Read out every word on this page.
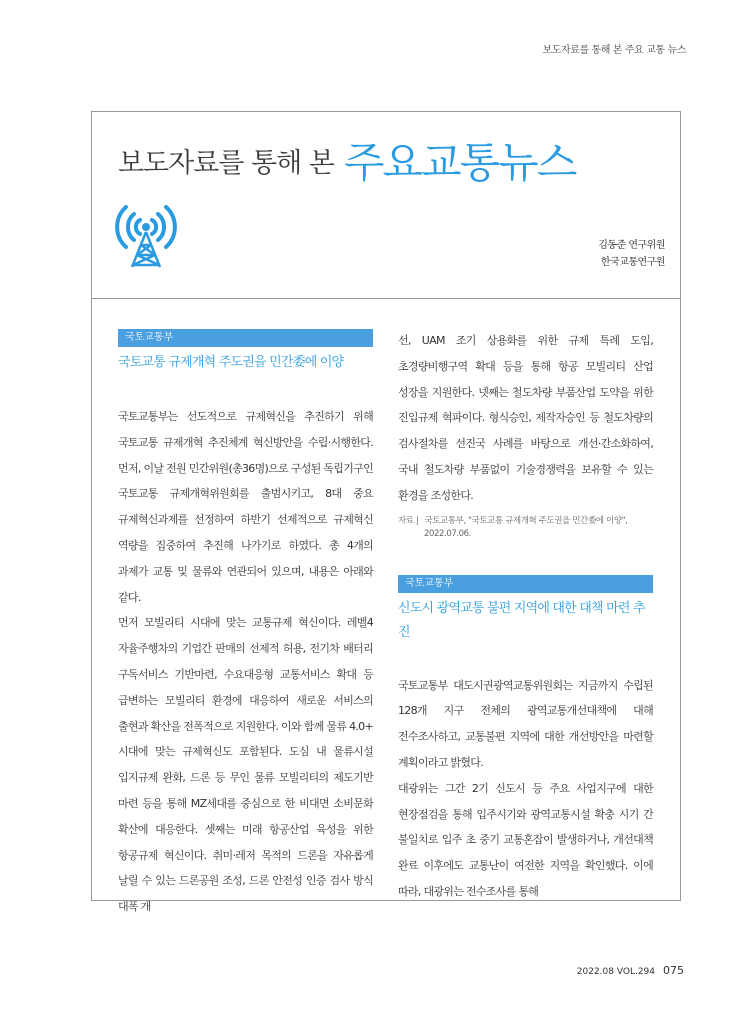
보도자료를 통해 본 주요 교통 뉴스
보도자료를 통해 본 주요교통뉴스
김동준 연구위원
한국교통연구원
국토교통부
국토교통 규제개혁 주도권을 민간委에 이양

국토교통부는 선도적으로 규제혁신을 추진하기 위해 국토교통 규제개혁 추진체계 혁신방안을 수립·시행한다. 먼저, 이날 전원 민간위원(총36명)으로 구성된 독립기구인 국토교통 규제개혁위원회를 출범시키고, 8대 중요 규제혁신과제를 선정하여 하반기 선제적으로 규제혁신 역량을 집중하여 추진해 나가기로 하였다. 총 4개의 과제가 교통 및 물류와 연관되어 있으며, 내용은 아래와 같다.

먼저 모빌리티 시대에 맞는 교통규제 혁신이다. 레벨4 자율주행차의 기업간 판매의 선제적 허용, 전기차 배터리 구독서비스 기반마련, 수요대응형 교통서비스 확대 등 급변하는 모빌리티 환경에 대응하여 새로운 서비스의 출현과 확산을 전폭적으로 지원한다. 이와 함께 물류 4.0+ 시대에 맞는 규제혁신도 포함된다. 도심 내 물류시설 입지규제 완화, 드론 등 무인 물류 모빌리티의 제도기반 마련 등을 통해 MZ세대를 중심으로 한 비대면 소비문화 확산에 대응한다. 셋째는 미래 항공산업 육성을 위한 항공규제 혁신이다. 취미·레저 목적의 드론을 자유롭게 날릴 수 있는 드론공원 조성, 드론 안전성 인증 검사 방식 대폭 개

선, UAM 조기 상용화를 위한 규제 특례 도입, 초경량비행구역 확대 등을 통해 항공 모빌리티 산업 성장을 지원한다. 넷째는 철도차량 부품산업 도약을 위한 진입규제 혁파이다. 형식승인, 제작자승인 등 철도차량의 검사절차를 선진국 사례를 바탕으로 개선·간소화하여, 국내 철도차량 부품없이 기술경쟁력을 보유할 수 있는 환경을 조성한다.

자료 | 국토교통부, "국토교통 규제개혁 주도권을 민간委에 이양",
2022.07.06.
국토교통부
신도시 광역교통 불편 지역에 대한 대책 마련 추진

국토교통부 대도시권광역교통위원회는 지금까지 수립된 128개 지구 전체의 광역교통개선대책에 대해 전수조사하고, 교통불편 지역에 대한 개선방안을 마련할 계획이라고 밝혔다.

대광위는 그간 2기 신도시 등 주요 사업지구에 대한 현장점검을 통해 입주시기와 광역교통시설 확충 시기 간 불일치로 입주 초 중기 교통혼잡이 발생하거나, 개선대책 완료 이후에도 교통난이 여전한 지역을 확인했다. 이에 따라, 대광위는 전수조사를 통해

2022.08 VOL.294 075
